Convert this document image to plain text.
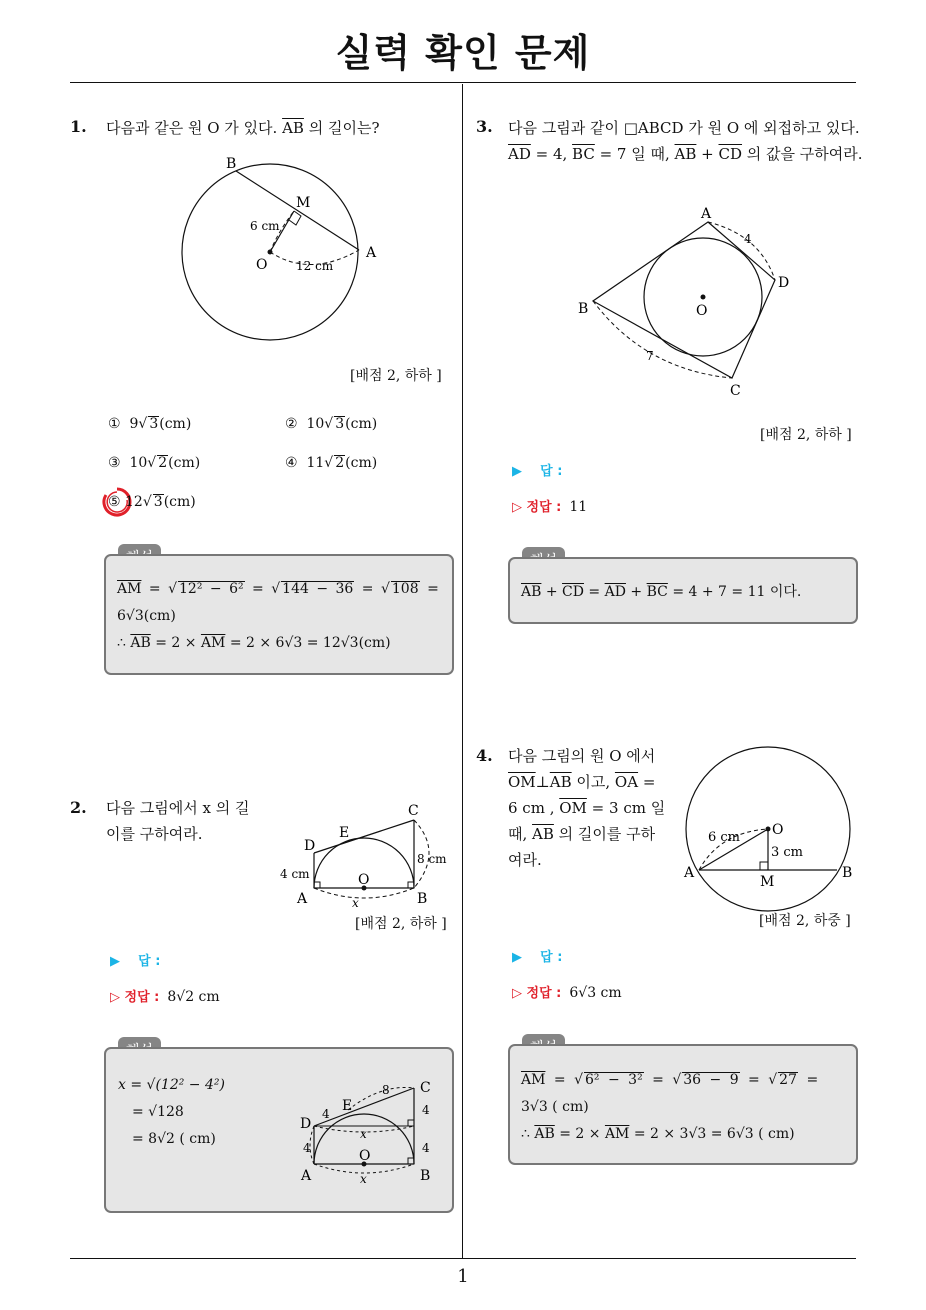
실력 확인 문제
1
1. 다음과 같은 원 O 가 있다. $\overline{AB}$ 의 길이는?
B
M
O
A
6 cm
12 cm
[배점 2, 하하 ]
① 9√ 3(cm)	② 10√ 3(cm)
③ 10√ 2(cm)	④ 11√ 2(cm)
⑤ 12√ 3(cm)
$\overline{AM}$ = √ 12² − 6² = √ 144 − 36 = √ 108 =
6√3(cm)
∴ $\overline{AB} = 2 \times \overline{AM} = 2 \times 6√3 = 12√3(cm)$
2. 다음 그림에서 x 의 길
이를 구하여라.
C
D
E
O
A	B
4 cm
8 cm
x
[배점 2, 하하 ]
▶ 답 :
▷ 정답 : 8√2 cm
x = √(12² − 4²)
= √128
= 8√2 ( cm)
C
D
E
O
A	B
4
8
4
4
4
x
x
3. 다음 그림과 같이 □ABCD 가 원 O 에 외접하고 있다.
$\overline{AD} = 4$, $\overline{BC} = 7$ 일 때, $\overline{AB} + \overline{CD}$ 의 값을 구하여라.
A
D
B
C
O
4
7
[배점 2, 하하 ]
▶ 답 :
▷ 정답 : 11
$\overline{AB} + \overline{CD} = \overline{AD} + \overline{BC} = 4 + 7 = 11$ 이다.
4. 다음 그림의 원 O 에서
$\overline{OM}\perp\overline{AB}$ 이고, $\overline{OA}$ =
6 cm , $\overline{OM} = 3$ cm 일
때, $\overline{AB}$ 의 길이를 구하
여라.
O
A	B
M
6 cm
3 cm
[배점 2, 하중 ]
▶ 답 :
▷ 정답 : 6√3 cm
$\overline{AM}$ = √ 6² − 3² = √ 36 − 9 = √ 27 =
3√3 ( cm)
∴ $\overline{AB} = 2 \times \overline{AM} = 2 \times 3√3 = 6√3$ ( cm)
